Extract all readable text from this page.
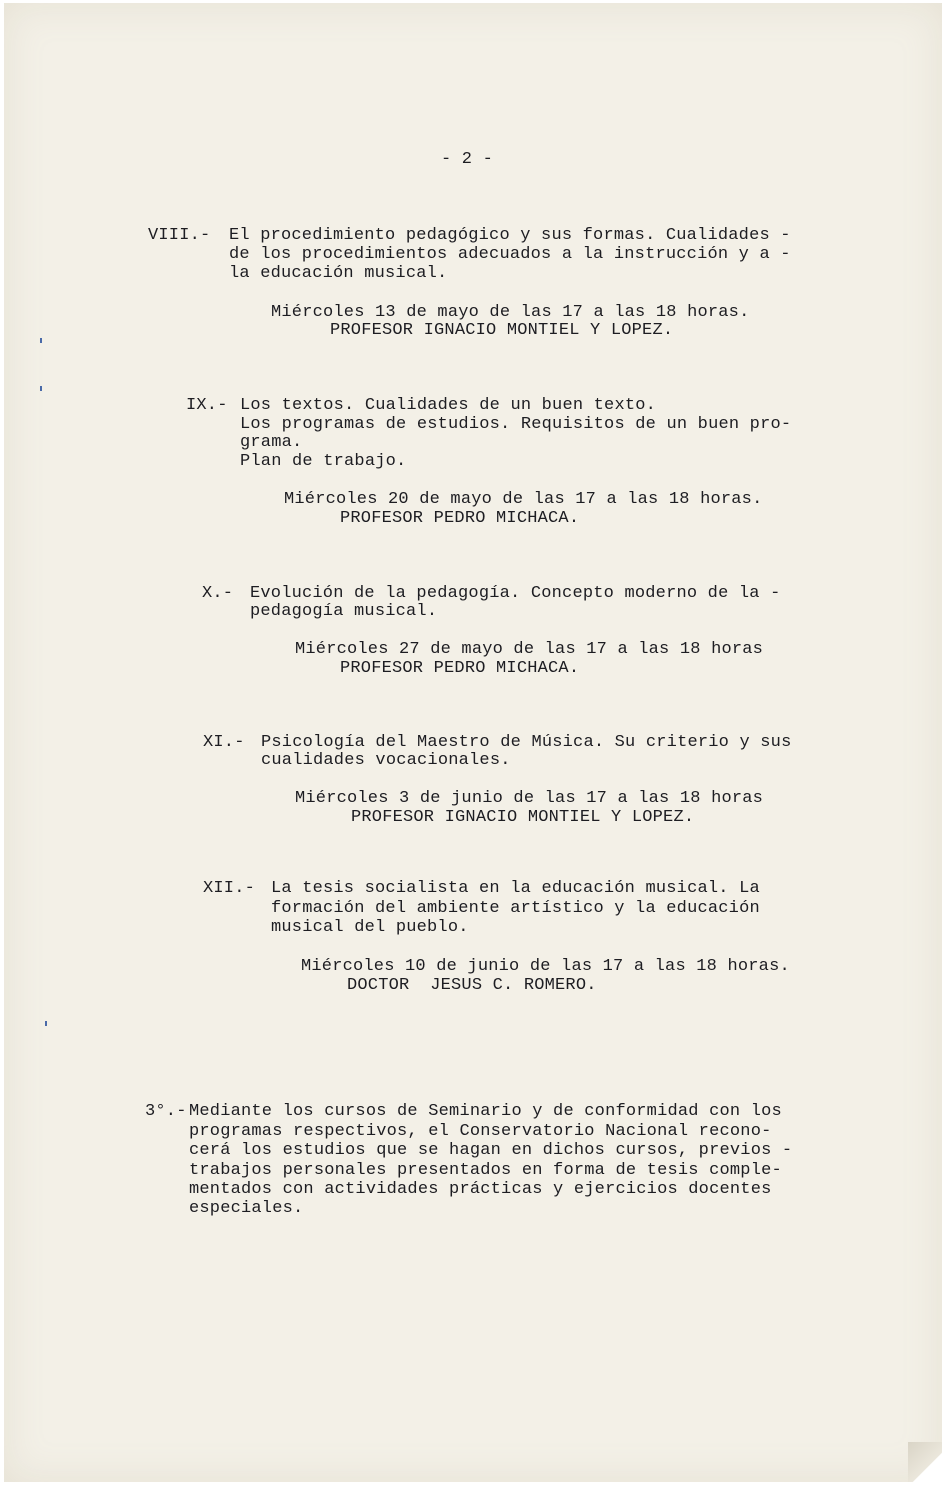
- 2 -
VIII.- El procedimiento pedagógico y sus formas. Cualidades -
de los procedimientos adecuados a la instrucción y a -
la educación musical.
Miércoles 13 de mayo de las 17 a las 18 horas.
PROFESOR IGNACIO MONTIEL Y LOPEZ.
IX.- Los textos. Cualidades de un buen texto.
Los programas de estudios. Requisitos de un buen pro-
grama.
Plan de trabajo.
Miércoles 20 de mayo de las 17 a las 18 horas.
PROFESOR PEDRO MICHACA.
X.- Evolución de la pedagogía. Concepto moderno de la -
pedagogía musical.
Miércoles 27 de mayo de las 17 a las 18 horas
PROFESOR PEDRO MICHACA.
XI.- Psicología del Maestro de Música. Su criterio y sus
cualidades vocacionales.
Miércoles 3 de junio de las 17 a las 18 horas
PROFESOR IGNACIO MONTIEL Y LOPEZ.
XII.- La tesis socialista en la educación musical. La
formación del ambiente artístico y la educación
musical del pueblo.
Miércoles 10 de junio de las 17 a las 18 horas.
DOCTOR  JESUS C. ROMERO.
3°.- Mediante los cursos de Seminario y de conformidad con los
programas respectivos, el Conservatorio Nacional recono-
cerá los estudios que se hagan en dichos cursos, previos -
trabajos personales presentados en forma de tesis comple-
mentados con actividades prácticas y ejercicios docentes
especiales.
